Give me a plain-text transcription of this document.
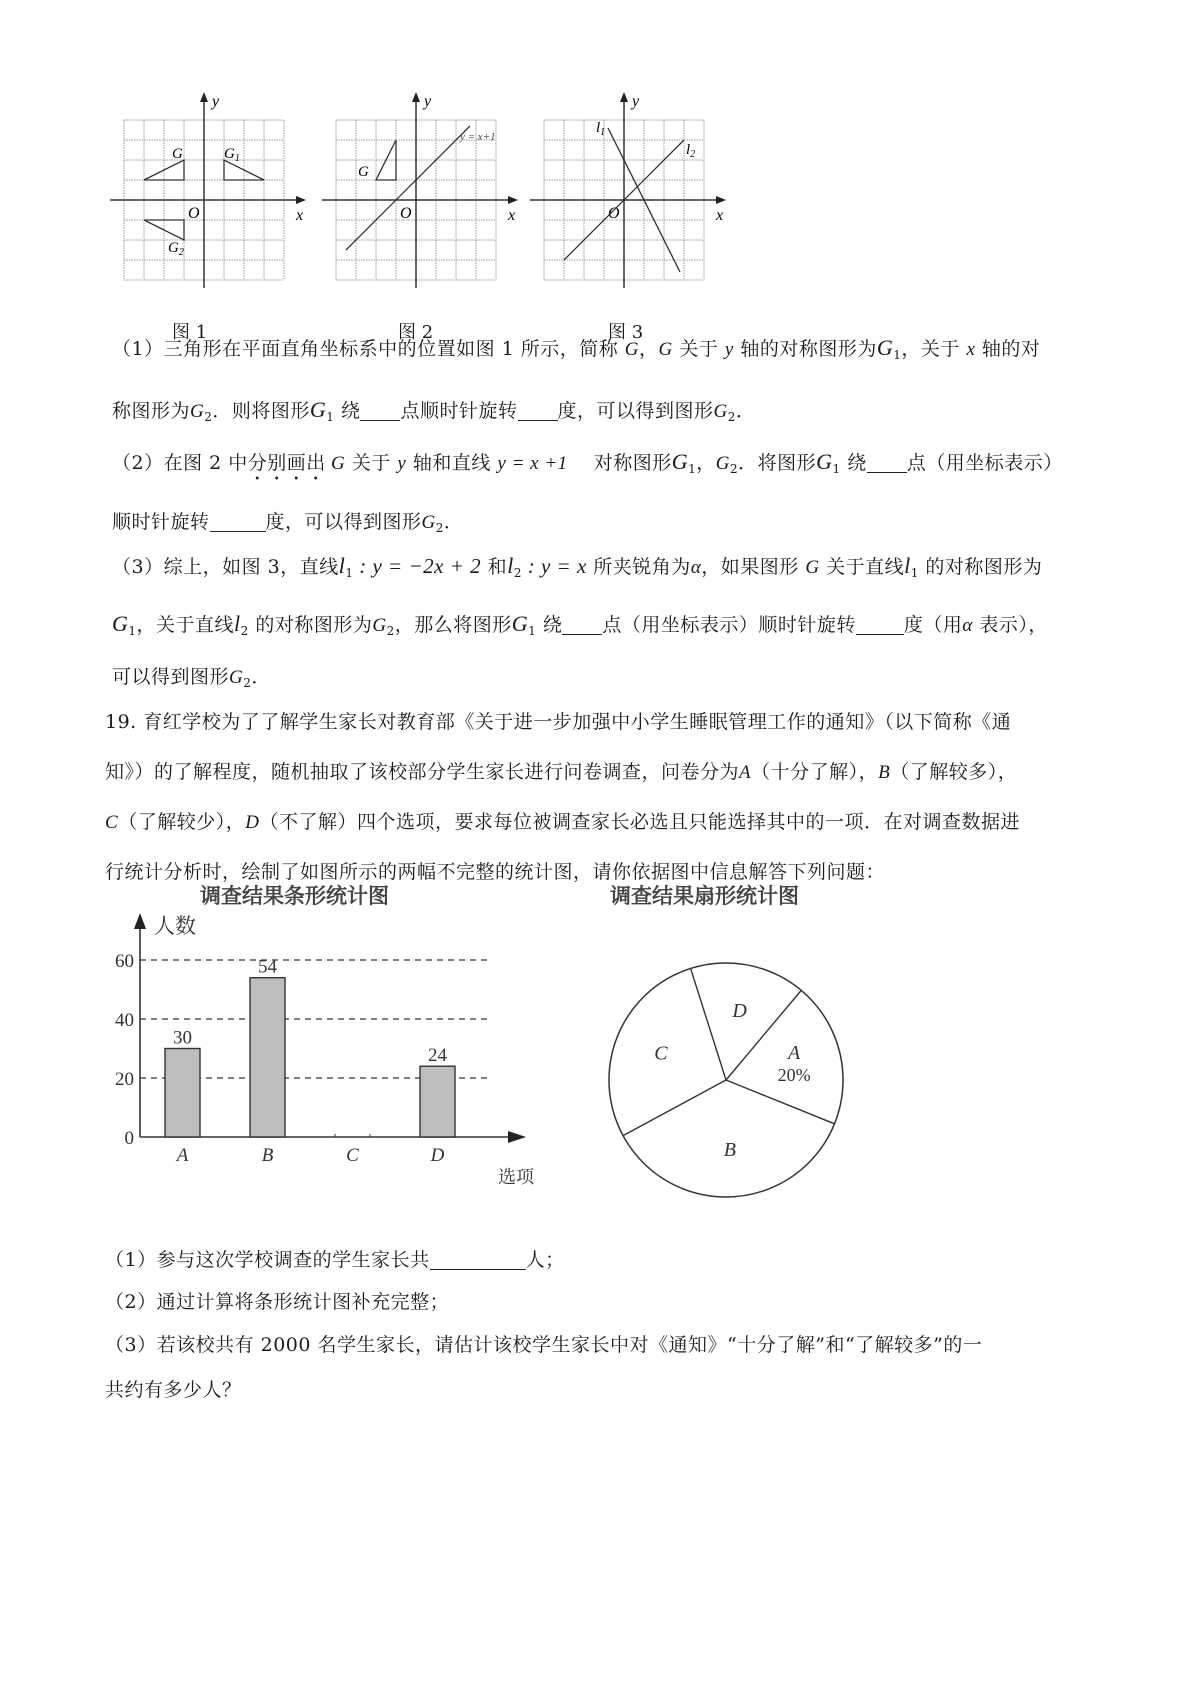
x
y
O
G	$G_1$
$G_2$
x
y
O
G
y = x+1
x
y
O
$l_1$
$l_2$
图 1	图 2	图 3
（1）三角形在平面直角坐标系中的位置如图 1 所示，简称 G，G 关于 y 轴的对称图形为$G_1$，关于 x 轴的对
称图形为$G_2$．则将图形$G_1$ 绕 点顺时针旋转 度，可以得到图形$G_2$．
（2）在图 2 中分别画出 G 关于 y 轴和直线 y = x +1　 对称图形$G_1$，$G_2$．将图形$G_1$ 绕 点（用坐标表示）
顺时针旋转	度，可以得到图形$G_2$．
（3）综上，如图 3，直线$l_1$ : y = −2x + 2 和$l_2$ : y = x 所夹锐角为α，如果图形 G 关于直线$l_1$ 的对称图形为
$G_1$，关于直线$l_2$ 的对称图形为$G_2$，那么将图形$G_1$ 绕 点（用坐标表示）顺时针旋转	度（用α 表示），
可以得到图形$G_2$．
19. 育红学校为了了解学生家长对教育部《关于进一步加强中小学生睡眠管理工作的通知》（以下简称《通
知》）的了解程度，随机抽取了该校部分学生家长进行问卷调查，问卷分为A（十分了解），B（了解较多），
C（了解较少），D（不了解）四个选项，要求每位被调查家长必选且只能选择其中的一项．在对调查数据进
行统计分析时，绘制了如图所示的两幅不完整的统计图，请你依据图中信息解答下列问题：
调查结果条形统计图	调查结果扇形统计图
0
20
40
60
人数
选项
30
A
54
B	C
24
D
A
20%
B
C
D
（1）参与这次学校调查的学生家长共	人；
（2）通过计算将条形统计图补充完整；
（3）若该校共有 2000 名学生家长，请估计该校学生家长中对《通知》“十分了解”和“了解较多”的一
共约有多少人？
